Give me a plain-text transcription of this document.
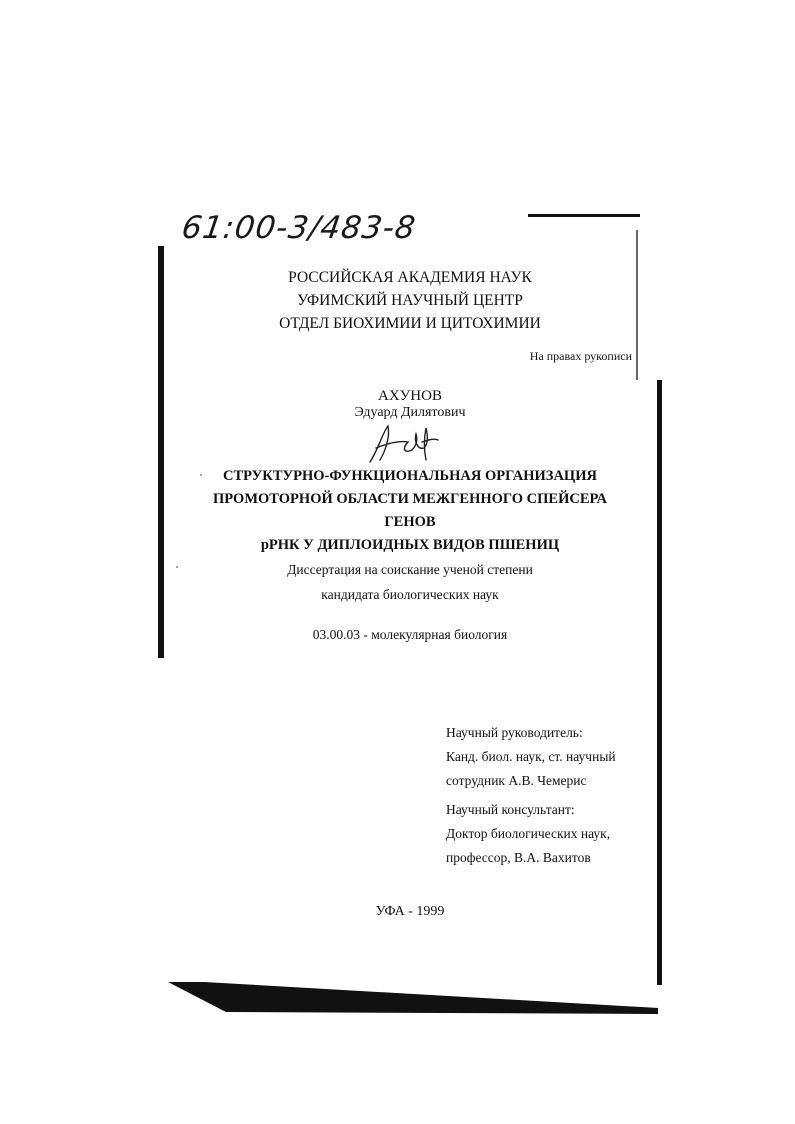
61:00-3/483-8
РОССИЙСКАЯ АКАДЕМИЯ НАУК
УФИМСКИЙ НАУЧНЫЙ ЦЕНТР
ОТДЕЛ БИОХИМИИ И ЦИТОХИМИИ
На правах рукописи
АХУНОВ
Эдуард Дилятович
СТРУКТУРНО-ФУНКЦИОНАЛЬНАЯ ОРГАНИЗАЦИЯ
ПРОМОТОРНОЙ ОБЛАСТИ МЕЖГЕННОГО СПЕЙСЕРА ГЕНОВ
рРНК У ДИПЛОИДНЫХ ВИДОВ ПШЕНИЦ
Диссертация на соискание ученой степени
кандидата биологических наук
03.00.03 - молекулярная биология
Научный руководитель:
Канд. биол. наук, ст. научный
сотрудник А.В. Чемерис
Научный консультант:
Доктор биологических наук,
профессор, В.А. Вахитов
УФА - 1999
